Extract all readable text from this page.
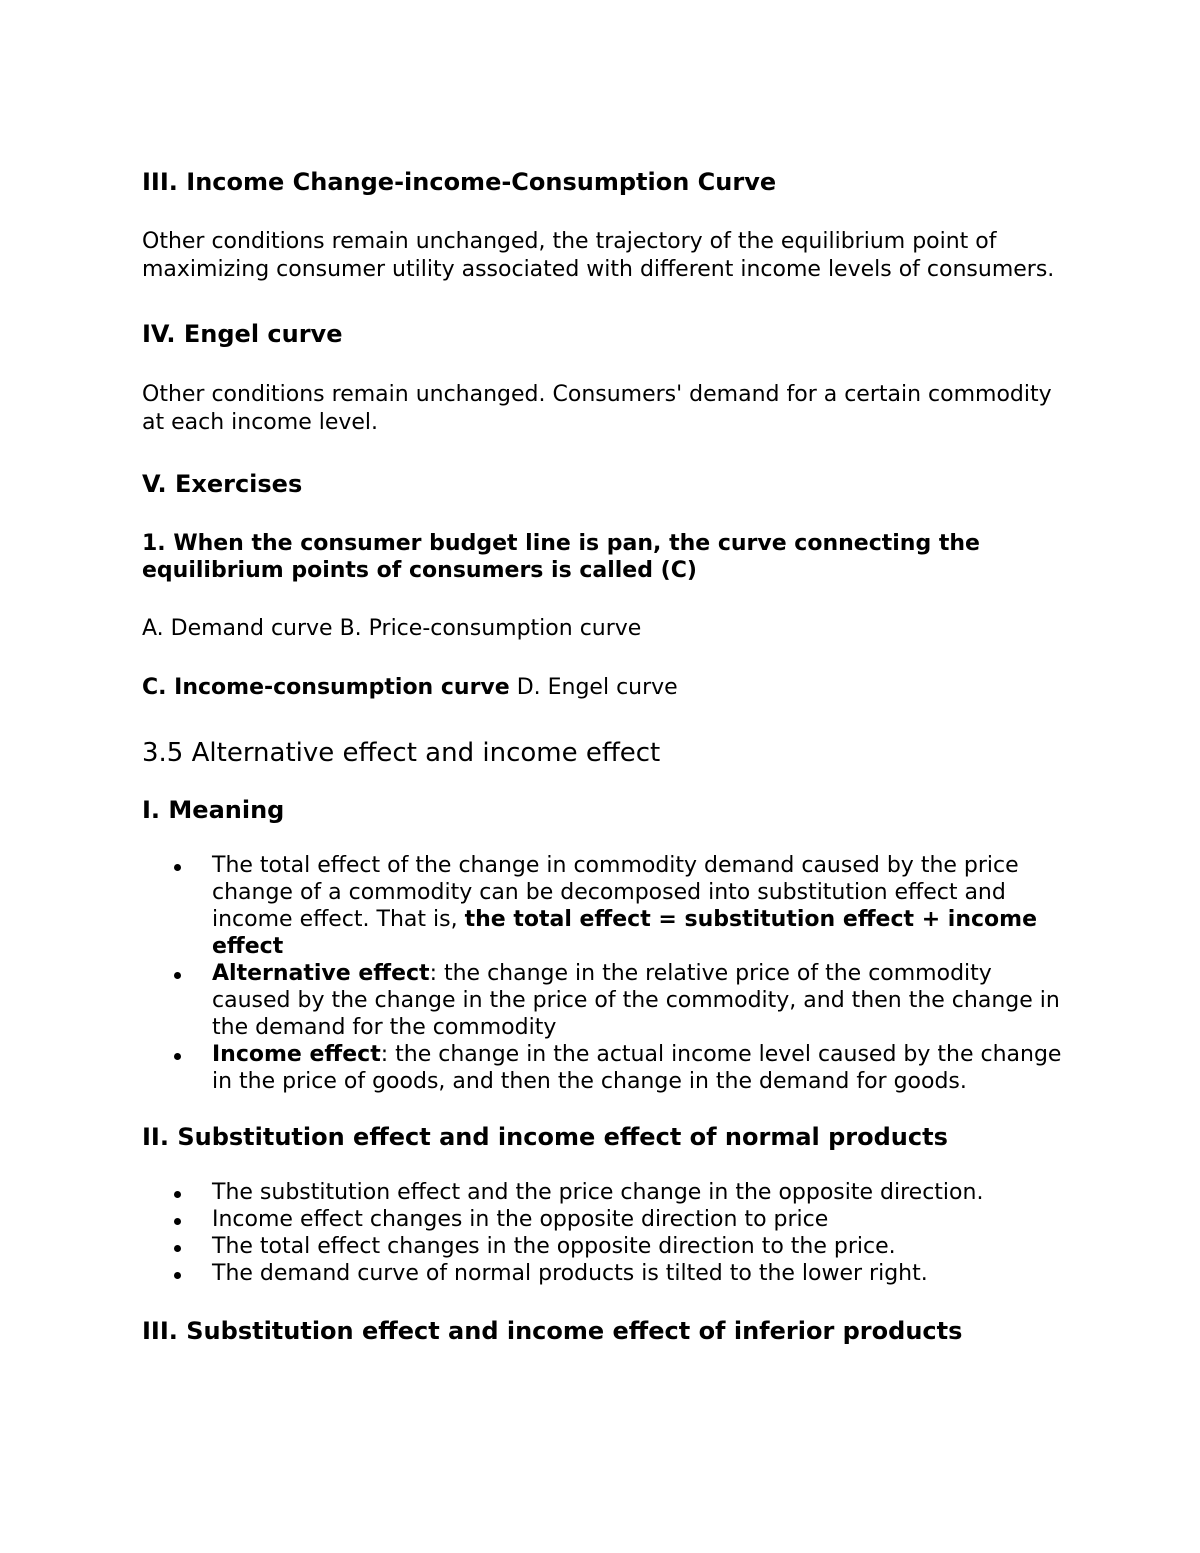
III. Income Change-income-Consumption Curve
Other conditions remain unchanged, the trajectory of the equilibrium point of maximizing consumer utility associated with different income levels of consumers.
IV. Engel curve
Other conditions remain unchanged. Consumers' demand for a certain commodity at each income level.
V. Exercises
1. When the consumer budget line is pan, the curve connecting the equilibrium points of consumers is called (C)
A. Demand curve B. Price-consumption curve
C. Income-consumption curve D. Engel curve
3.5 Alternative effect and income effect
I. Meaning
The total effect of the change in commodity demand caused by the price change of a commodity can be decomposed into substitution effect and income effect. That is, the total effect = substitution effect + income effect
Alternative effect: the change in the relative price of the commodity caused by the change in the price of the commodity, and then the change in the demand for the commodity
Income effect: the change in the actual income level caused by the change in the price of goods, and then the change in the demand for goods.
II. Substitution effect and income effect of normal products
The substitution effect and the price change in the opposite direction.
Income effect changes in the opposite direction to price
The total effect changes in the opposite direction to the price.
The demand curve of normal products is tilted to the lower right.
III. Substitution effect and income effect of inferior products
